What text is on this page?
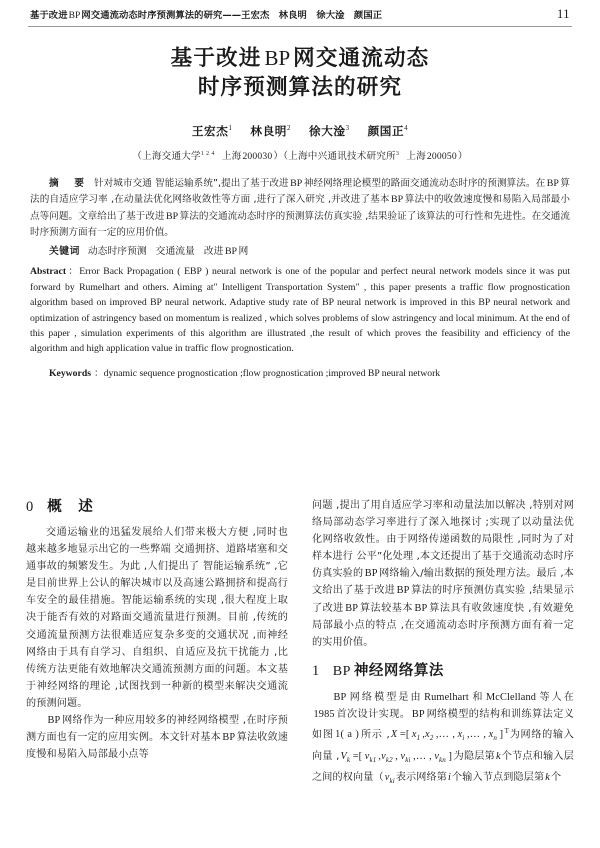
基于改进BP网交通流动态时序预测算法的研究——王宏杰　林良明　徐大淦　颜国正	11
基于改进 BP 网交通流动态
时序预测算法的研究
王宏杰$^1$ 林良明$^2$ 徐大淦$^3$ 颜国正$^4$
（上海交通大学$^{1 2 4}$ 上海200030）（上海中兴通讯技术研究所$^3$ 上海200050）
摘　要 针对城市交通 智能运输系统”,提出了基于改进 BP 神经网络理论模型的路面交通流动态时序的预测算法。在 BP 算法的自适应学习率 ,在动量法优化网络收敛性等方面 ,进行了深入研究 ,并改进了基本 BP 算法中的收敛速度慢和易陷入局部最小点等问题。文章给出了基于改进 BP 算法的交通流动态时序的预测算法仿真实验 ,结果验证了该算法的可行性和先进性。在交通流时序预测方面有一定的应用价值。
关键词 动态时序预测 交通流量 改进 BP 网
Abstract：Error Back Propagation ( EBP ) neural network is one of the popular and perfect neural network models since it was put forward by Rumelhart and others. Aiming at" Intelligent Transportation System" , this paper presents a traffic flow prognostication algorithm based on improved BP neural network. Adaptive study rate of BP neural network is improved in this BP neural network and optimization of astringency based on momentum is realized , which solves problems of slow astringency and local minimum. At the end of this paper , simulation experiments of this algorithm are illustrated ,the result of which proves the feasibility and efficiency of the algorithm and high application value in traffic flow prognostication.
Keywords ：dynamic sequence prognostication ;flow prognostication ;improved BP neural network
0 概　述

交通运输业的迅猛发展给人们带来极大方便 ,同时也越来越多地显示出它的一些弊端 交通拥挤、道路堵塞和交通事故的频繁发生。为此 ,人们提出了 智能运输系统” ,它是目前世界上公认的解决城市以及高速公路拥挤和提高行车安全的最佳措施。智能运输系统的实现 ,很大程度上取决于能否有效的对路面交通流量进行预测。目前 ,传统的交通流量预测方法很难适应复杂多变的交通状况 ,而神经网络由于具有自学习、自组织、自适应及抗干扰能力 ,比传统方法更能有效地解决交通流预测方面的问题。本文基于神经网络的理论 ,试图找到一种新的模型来解决交通流的预测问题。

BP 网络作为一种应用较多的神经网络模型 ,在时序预测方面也有一定的应用实例。本文针对基本 BP 算法收敛速度慢和易陷入局部最小点等

问题 ,提出了用自适应学习率和动量法加以解决 ,特别对网络局部动态学习率进行了深入地探讨 ;实现了以动量法优化网络收敛性。由于网络传递函数的局限性 ,同时为了对样本进行 公平”化处理 ,本文还提出了基于交通流动态时序仿真实验的 BP 网络输入/输出数据的预处理方法。最后 ,本文给出了基于改进 BP 算法的时序预测仿真实验 ,结果显示了改进 BP 算法较基本 BP 算法具有收敛速度快 ,有效避免局部最小点的特点 ,在交通流动态时序预测方面有着一定的实用价值。

1 BP 神经网络算法

BP 网络模型是由 Rumelhart 和 McClelland 等人在1985 首次设计实现。 BP 网络模型的结构和训练算法定义如图 1( a ) 所示 ,X =[ $x_1$ $,x_2$ ,… , $x_i$ ,… , $x_n$ ] $^T$为网络的输入向量 $,V_k$ =[ $v_{k1}$ $,v_{k2}$ , $v_{ki}$ ,… , $v_{kn}$ ] 为隐层第k个节点和输入层之间的权向量（$v_{ki}$表示网络第i个输入节点到隐层第k个
